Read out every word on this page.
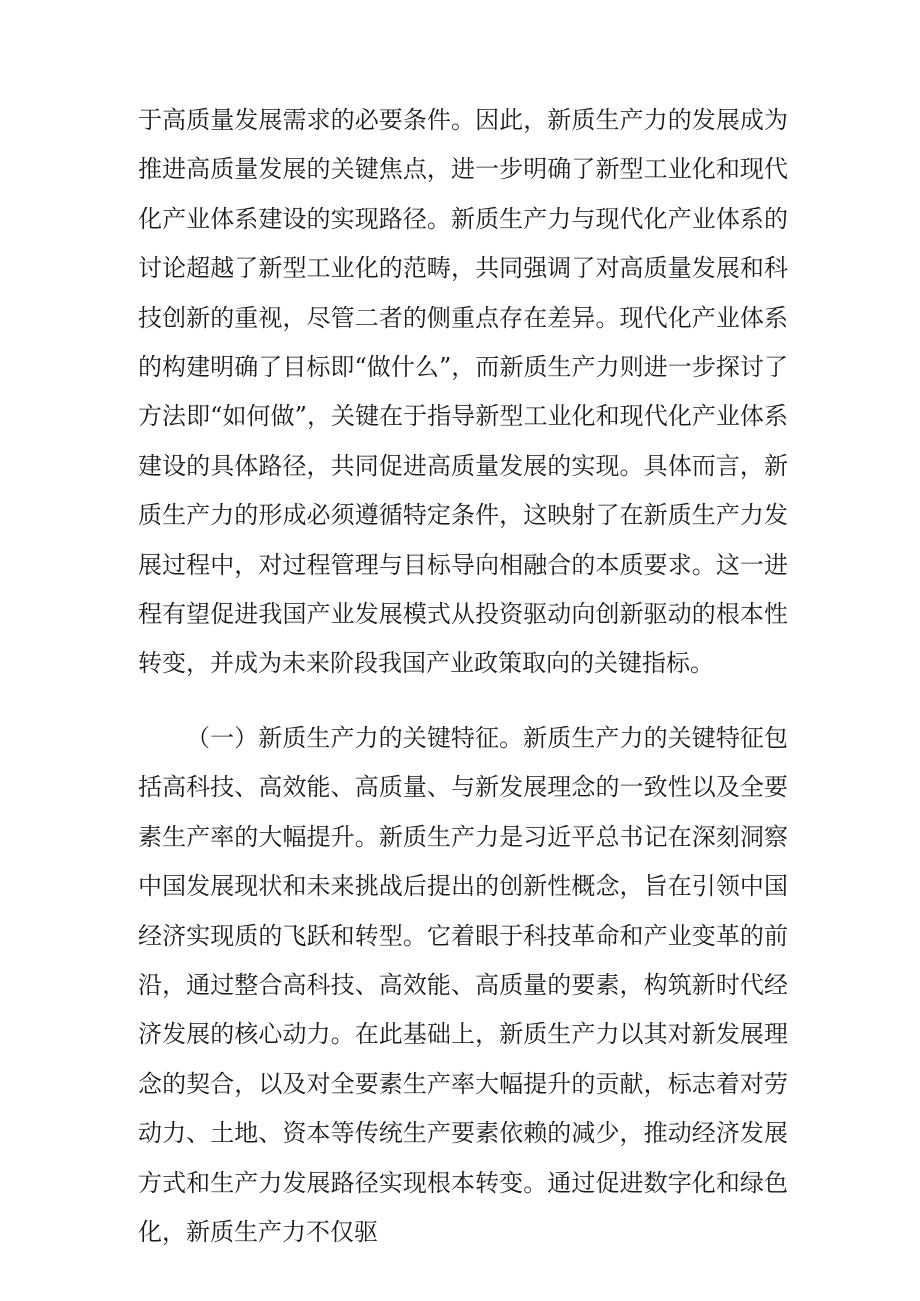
于高质量发展需求的必要条件。因此，新质生产力的发展成为推进高质量发展的关键焦点，进一步明确了新型工业化和现代化产业体系建设的实现路径。新质生产力与现代化产业体系的讨论超越了新型工业化的范畴，共同强调了对高质量发展和科技创新的重视，尽管二者的侧重点存在差异。现代化产业体系的构建明确了目标即“做什么”，而新质生产力则进一步探讨了方法即“如何做”，关键在于指导新型工业化和现代化产业体系建设的具体路径，共同促进高质量发展的实现。具体而言，新质生产力的形成必须遵循特定条件，这映射了在新质生产力发展过程中，对过程管理与目标导向相融合的本质要求。这一进程有望促进我国产业发展模式从投资驱动向创新驱动的根本性转变，并成为未来阶段我国产业政策取向的关键指标。

（一）新质生产力的关键特征。新质生产力的关键特征包括高科技、高效能、高质量、与新发展理念的一致性以及全要素生产率的大幅提升。新质生产力是习近平总书记在深刻洞察中国发展现状和未来挑战后提出的创新性概念，旨在引领中国经济实现质的飞跃和转型。它着眼于科技革命和产业变革的前沿，通过整合高科技、高效能、高质量的要素，构筑新时代经济发展的核心动力。在此基础上，新质生产力以其对新发展理念的契合，以及对全要素生产率大幅提升的贡献，标志着对劳动力、土地、资本等传统生产要素依赖的减少，推动经济发展方式和生产力发展路径实现根本转变。通过促进数字化和绿色化，新质生产力不仅驱
